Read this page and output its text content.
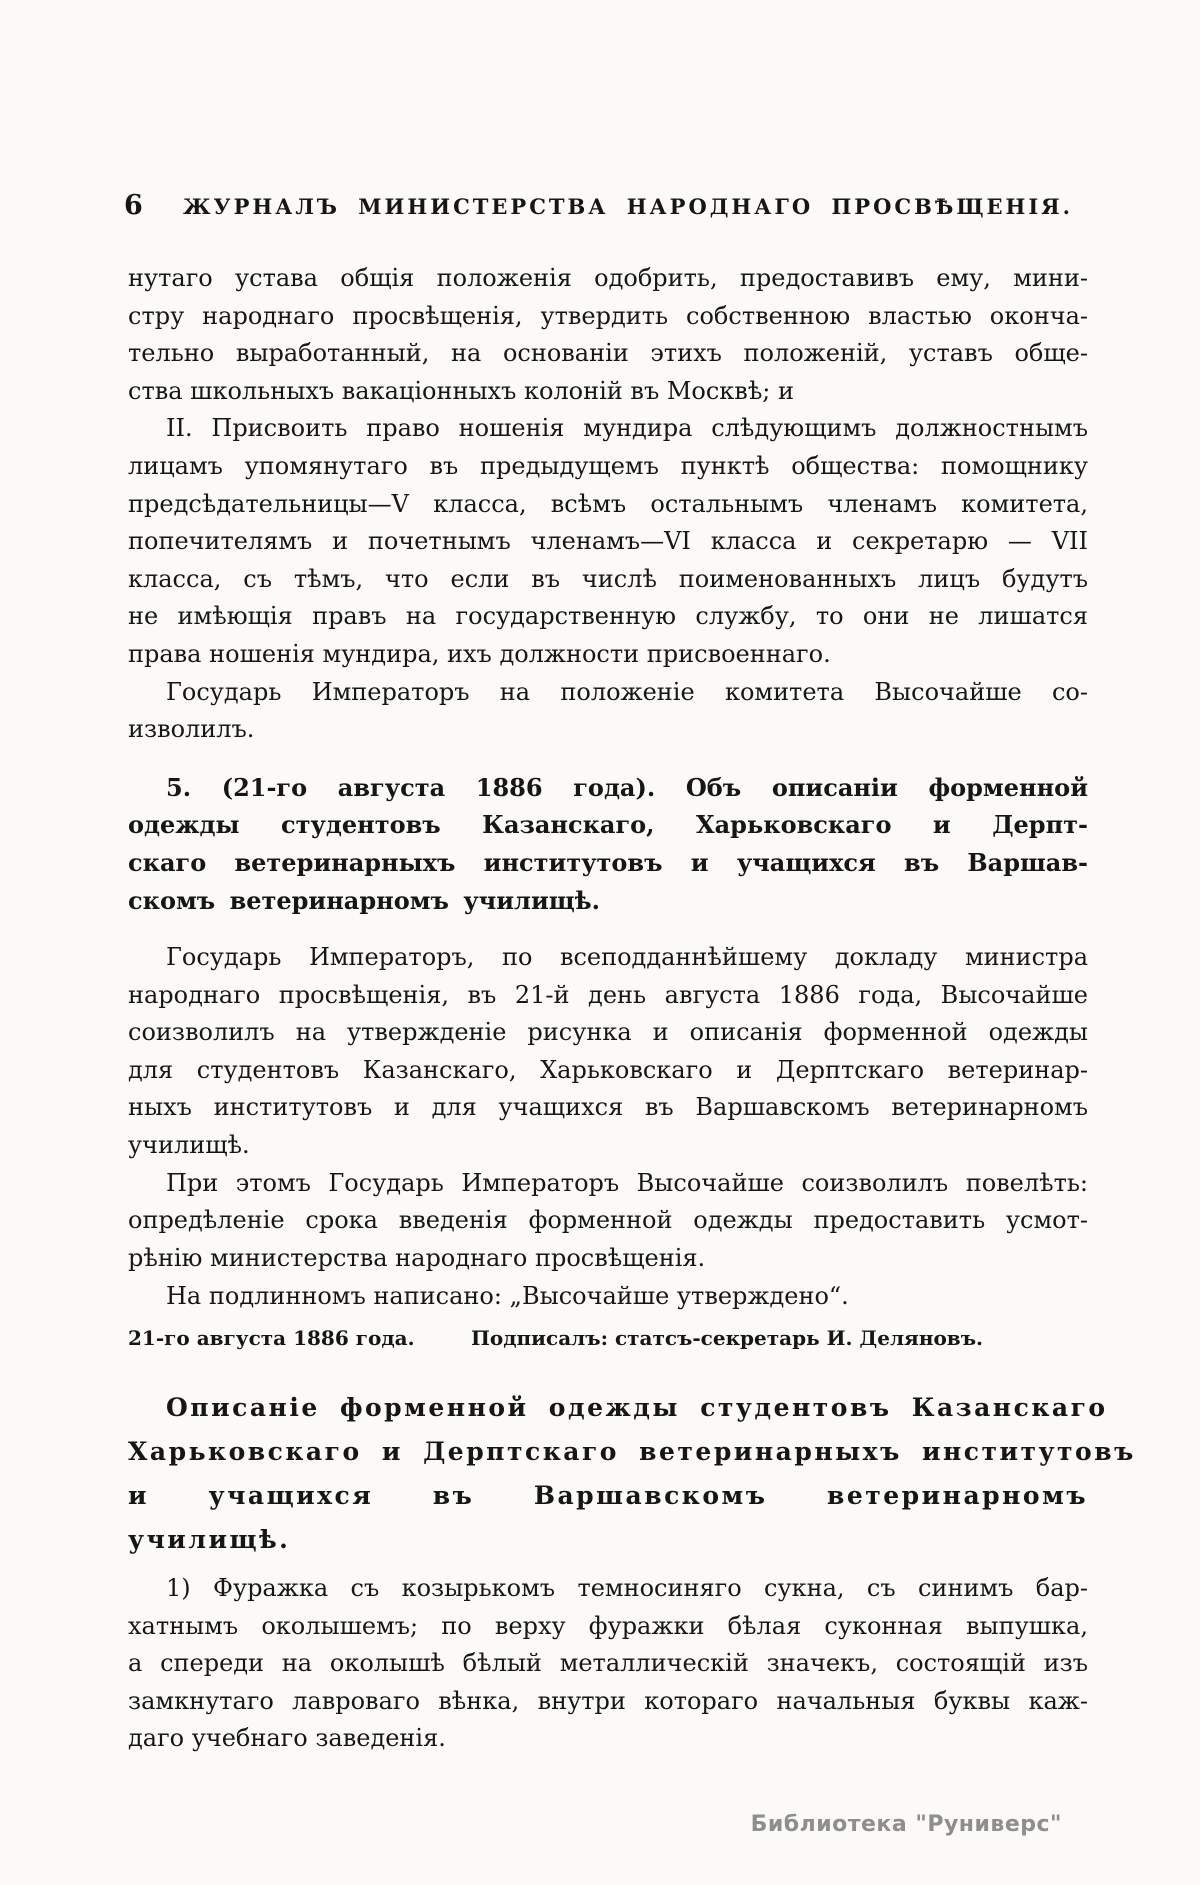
6	ЖУРНАЛЪ МИНИСТЕРСТВА НАРОДНАГО ПРОСВѢЩЕНІЯ.
нутаго устава общія положенія одобрить, предоставивъ ему, мини-
стру народнаго просвѣщенія, утвердить собственною властью оконча-
тельно выработанный, на основаніи этихъ положеній, уставъ обще-
ства школьныхъ вакаціонныхъ колоній въ Москвѣ; и
II. Присвоить право ношенія мундира слѣдующимъ должностнымъ
лицамъ упомянутаго въ предыдущемъ пунктѣ общества: помощнику
предсѣдательницы—V класса, всѣмъ остальнымъ членамъ комитета,
попечителямъ и почетнымъ членамъ—VI класса и секретарю — VII
класса, съ тѣмъ, что если въ числѣ поименованныхъ лицъ будутъ
не имѣющія правъ на государственную службу, то они не лишатся
права ношенія мундира, ихъ должности присвоеннаго.
Государь Императоръ на положеніе комитета Высочайше со-
изволилъ.
5. (21-го августа 1886 года). Объ описаніи форменной
одежды студентовъ Казанскаго, Харьковскаго и Дерпт-
скаго ветеринарныхъ институтовъ и учащихся въ Варшав-
скомъ ветеринарномъ училищѣ.
Государь Императоръ, по всеподданнѣйшему докладу министра
народнаго просвѣщенія, въ 21-й день августа 1886 года, Высочайше
соизволилъ на утвержденіе рисунка и описанія форменной одежды
для студентовъ Казанскаго, Харьковскаго и Дерптскаго ветеринар-
ныхъ институтовъ и для учащихся въ Варшавскомъ ветеринарномъ
училищѣ.
При этомъ Государь Императоръ Высочайше соизволилъ повелѣть:
опредѣленіе срока введенія форменной одежды предоставить усмот-
рѣнію министерства народнаго просвѣщенія.
На подлинномъ написано: „Высочайше утверждено“.
21-го августа 1886 года.	Подписалъ: статсъ-секретарь И. Деляновъ.
Описаніе форменной одежды студентовъ Казанскаго
Харьковскаго и Дерптскаго ветеринарныхъ институтовъ
и учащихся въ Варшавскомъ ветеринарномъ училищѣ.
1) Фуражка съ козырькомъ темносиняго сукна, съ синимъ бар-
хатнымъ околышемъ; по верху фуражки бѣлая суконная выпушка,
а спереди на околышѣ бѣлый металлическій значекъ, состоящій изъ
замкнутаго лавроваго вѣнка, внутри котораго начальныя буквы каж-
даго учебнаго заведенія.
Библиотека "Руниверс"
